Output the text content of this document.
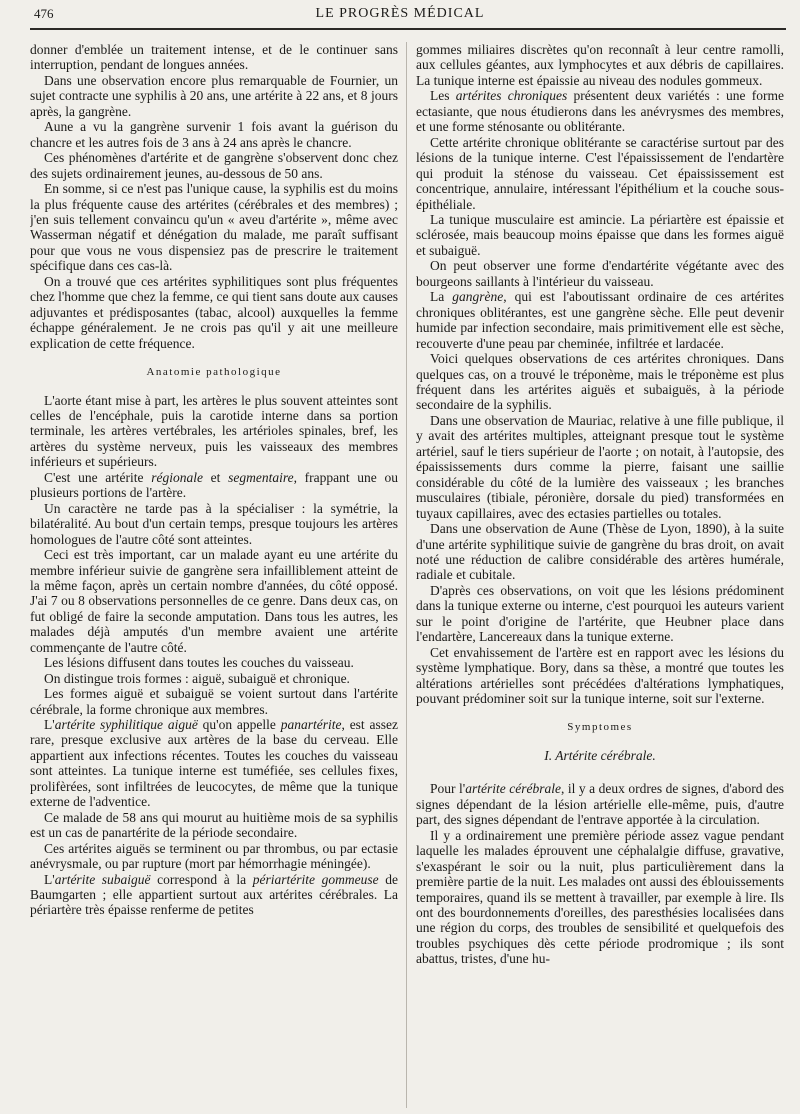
476	LE PROGRÈS MÉDICAL

donner d'emblée un traitement intense, et de le continuer sans interruption, pendant de longues années.

Dans une observation encore plus remarquable de Fournier, un sujet contracte une syphilis à 20 ans, une artérite à 22 ans, et 8 jours après, la gangrène.

Aune a vu la gangrène survenir 1 fois avant la guérison du chancre et les autres fois de 3 ans à 24 ans après le chancre.

Ces phénomènes d'artérite et de gangrène s'observent donc chez des sujets ordinairement jeunes, au-dessous de 50 ans.

En somme, si ce n'est pas l'unique cause, la syphilis est du moins la plus fréquente cause des artérites (cérébrales et des membres) ; j'en suis tellement convaincu qu'un « aveu d'artérite », même avec Wasserman négatif et dénégation du malade, me paraît suffisant pour que vous ne vous dispensiez pas de prescrire le traitement spécifique dans ces cas-là.

On a trouvé que ces artérites syphilitiques sont plus fréquentes chez l'homme que chez la femme, ce qui tient sans doute aux causes adjuvantes et prédisposantes (tabac, alcool) auxquelles la femme échappe généralement. Je ne crois pas qu'il y ait une meilleure explication de cette fréquence.

Anatomie pathologique

L'aorte étant mise à part, les artères le plus souvent atteintes sont celles de l'encéphale, puis la carotide interne dans sa portion terminale, les artères vertébrales, les artérioles spinales, bref, les artères du système nerveux, puis les vaisseaux des membres inférieurs et supérieurs.

C'est une artérite régionale et segmentaire, frappant une ou plusieurs portions de l'artère.

Un caractère ne tarde pas à la spécialiser : la symétrie, la bilatéralité. Au bout d'un certain temps, presque toujours les artères homologues de l'autre côté sont atteintes.

Ceci est très important, car un malade ayant eu une artérite du membre inférieur suivie de gangrène sera infailliblement atteint de la même façon, après un certain nombre d'années, du côté opposé. J'ai 7 ou 8 observations personnelles de ce genre. Dans deux cas, on fut obligé de faire la seconde amputation. Dans tous les autres, les malades déjà amputés d'un membre avaient une artérite commençante de l'autre côté.

Les lésions diffusent dans toutes les couches du vaisseau.

On distingue trois formes : aiguë, subaiguë et chronique.

Les formes aiguë et subaiguë se voient surtout dans l'artérite cérébrale, la forme chronique aux membres.

L'artérite syphilitique aiguë qu'on appelle panartérite, est assez rare, presque exclusive aux artères de la base du cerveau. Elle appartient aux infections récentes. Toutes les couches du vaisseau sont atteintes. La tunique interne est tuméfiée, ses cellules fixes, prolifèrées, sont infiltrées de leucocytes, de même que la tunique externe de l'adventice.

Ce malade de 58 ans qui mourut au huitième mois de sa syphilis est un cas de panartérite de la période secondaire.

Ces artérites aiguës se terminent ou par thrombus, ou par ectasie anévrysmale, ou par rupture (mort par hémorrhagie méningée).

L'artérite subaiguë correspond à la périartérite gommeuse de Baumgarten ; elle appartient surtout aux artérites cérébrales. La périartère très épaisse renferme de petites

gommes miliaires discrètes qu'on reconnaît à leur centre ramolli, aux cellules géantes, aux lymphocytes et aux débris de capillaires. La tunique interne est épaissie au niveau des nodules gommeux.

Les artérites chroniques présentent deux variétés : une forme ectasiante, que nous étudierons dans les anévrysmes des membres, et une forme sténosante ou oblitérante.

Cette artérite chronique oblitérante se caractérise surtout par des lésions de la tunique interne. C'est l'épaississement de l'endartère qui produit la sténose du vaisseau. Cet épaississement est concentrique, annulaire, intéressant l'épithélium et la couche sous-épithéliale.

La tunique musculaire est amincie. La périartère est épaissie et sclérosée, mais beaucoup moins épaisse que dans les formes aiguë et subaiguë.

On peut observer une forme d'endartérite végétante avec des bourgeons saillants à l'intérieur du vaisseau.

La gangrène, qui est l'aboutissant ordinaire de ces artérites chroniques oblitérantes, est une gangrène sèche. Elle peut devenir humide par infection secondaire, mais primitivement elle est sèche, recouverte d'une peau par cheminée, infiltrée et lardacée.

Voici quelques observations de ces artérites chroniques. Dans quelques cas, on a trouvé le tréponème, mais le tréponème est plus fréquent dans les artérites aiguës et subaiguës, à la période secondaire de la syphilis.

Dans une observation de Mauriac, relative à une fille publique, il y avait des artérites multiples, atteignant presque tout le système artériel, sauf le tiers supérieur de l'aorte ; on notait, à l'autopsie, des épaississements durs comme la pierre, faisant une saillie considérable du côté de la lumière des vaisseaux ; les branches musculaires (tibiale, péronière, dorsale du pied) transformées en tuyaux capillaires, avec des ectasies partielles ou totales.

Dans une observation de Aune (Thèse de Lyon, 1890), à la suite d'une artérite syphilitique suivie de gangrène du bras droit, on avait noté une réduction de calibre considérable des artères humérale, radiale et cubitale.

D'après ces observations, on voit que les lésions prédominent dans la tunique externe ou interne, c'est pourquoi les auteurs varient sur le point d'origine de l'artérite, que Heubner place dans l'endartère, Lancereaux dans la tunique externe.

Cet envahissement de l'artère est en rapport avec les lésions du système lymphatique. Bory, dans sa thèse, a montré que toutes les altérations artérielles sont précédées d'altérations lymphatiques, pouvant prédominer soit sur la tunique interne, soit sur l'externe.

Symptomes
I. Artérite cérébrale.

Pour l'artérite cérébrale, il y a deux ordres de signes, d'abord des signes dépendant de la lésion artérielle elle-même, puis, d'autre part, des signes dépendant de l'entrave apportée à la circulation.

Il y a ordinairement une première période assez vague pendant laquelle les malades éprouvent une céphalalgie diffuse, gravative, s'exaspérant le soir ou la nuit, plus particulièrement dans la première partie de la nuit. Les malades ont aussi des éblouissements temporaires, quand ils se mettent à travailler, par exemple à lire. Ils ont des bourdonnements d'oreilles, des paresthésies localisées dans une région du corps, des troubles de sensibilité et quelquefois des troubles psychiques dès cette période prodromique ; ils sont abattus, tristes, d'une hu-
